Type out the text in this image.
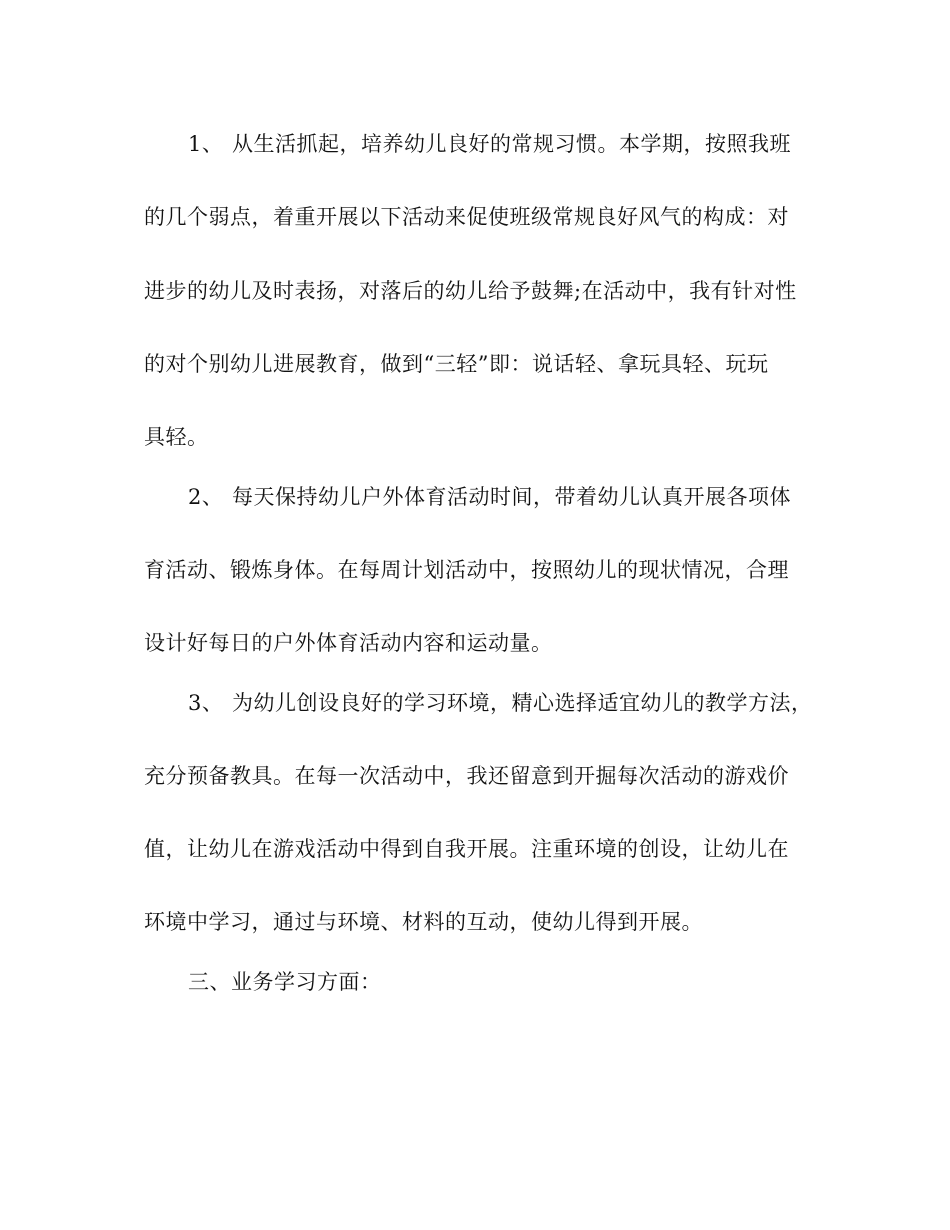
1、 从生活抓起，培养幼儿良好的常规习惯。本学期，按照我班
的几个弱点，着重开展以下活动来促使班级常规良好风气的构成：对
进步的幼儿及时表扬，对落后的幼儿给予鼓舞;在活动中，我有针对性
的对个别幼儿进展教育，做到“三轻”即：说话轻、拿玩具轻、玩玩
具轻。
2、 每天保持幼儿户外体育活动时间，带着幼儿认真开展各项体
育活动、锻炼身体。在每周计划活动中，按照幼儿的现状情况，合理
设计好每日的户外体育活动内容和运动量。
3、 为幼儿创设良好的学习环境，精心选择适宜幼儿的教学方法，
充分预备教具。在每一次活动中，我还留意到开掘每次活动的游戏价
值，让幼儿在游戏活动中得到自我开展。注重环境的创设，让幼儿在
环境中学习，通过与环境、材料的互动，使幼儿得到开展。
三、业务学习方面：
